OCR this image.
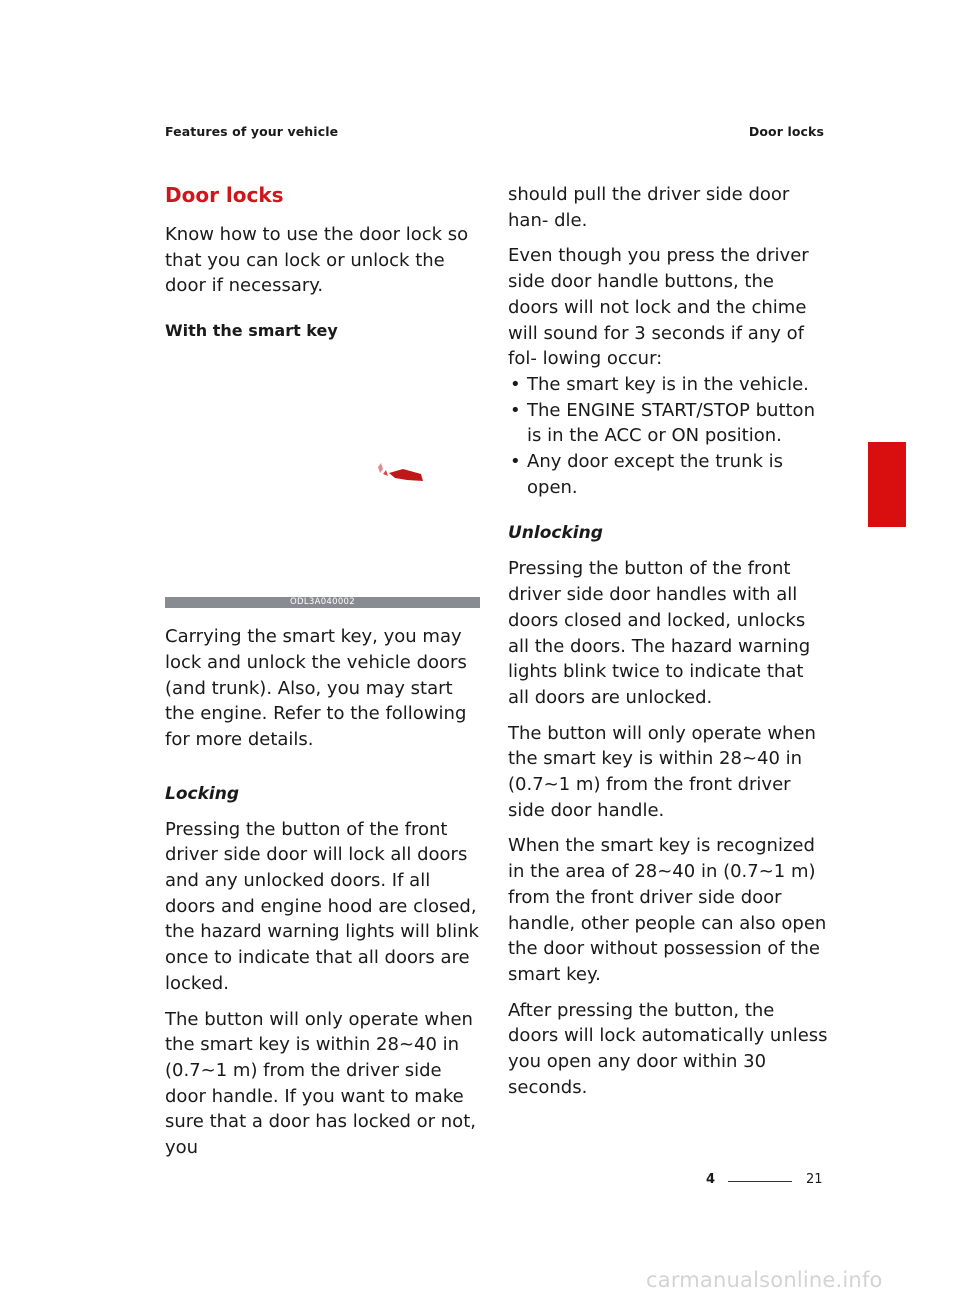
Features of your vehicle	Door locks
Door locks

Know how to use the door lock so that you can lock or unlock the door if necessary.

With the smart key
ODL3A040002

Carrying the smart key, you may lock and unlock the vehicle doors (and trunk). Also, you may start the engine. Refer to the following for more details.

Locking

Pressing the button of the front driver side door will lock all doors and any unlocked doors. If all doors and engine hood are closed, the hazard warning lights will blink once to indicate that all doors are locked.

The button will only operate when the smart key is within 28~40 in (0.7~1 m) from the driver side door handle. If you want to make sure that a door has locked or not, you

should pull the driver side door han- dle.

Even though you press the driver side door handle buttons, the doors will not lock and the chime will sound for 3 seconds if any of fol- lowing occur:

• The smart key is in the vehicle.
• The ENGINE START/STOP button is in the ACC or ON position.
• Any door except the trunk is open.
Unlocking

Pressing the button of the front driver side door handles with all doors closed and locked, unlocks all the doors. The hazard warning lights blink twice to indicate that all doors are unlocked.

The button will only operate when the smart key is within 28~40 in (0.7~1 m) from the front driver side door handle.

When the smart key is recognized in the area of 28~40 in (0.7~1 m) from the front driver side door handle, other people can also open the door without possession of the smart key.

After pressing the button, the doors will lock automatically unless you open any door within 30 seconds.

4
4	21
carmanualsonline.info
